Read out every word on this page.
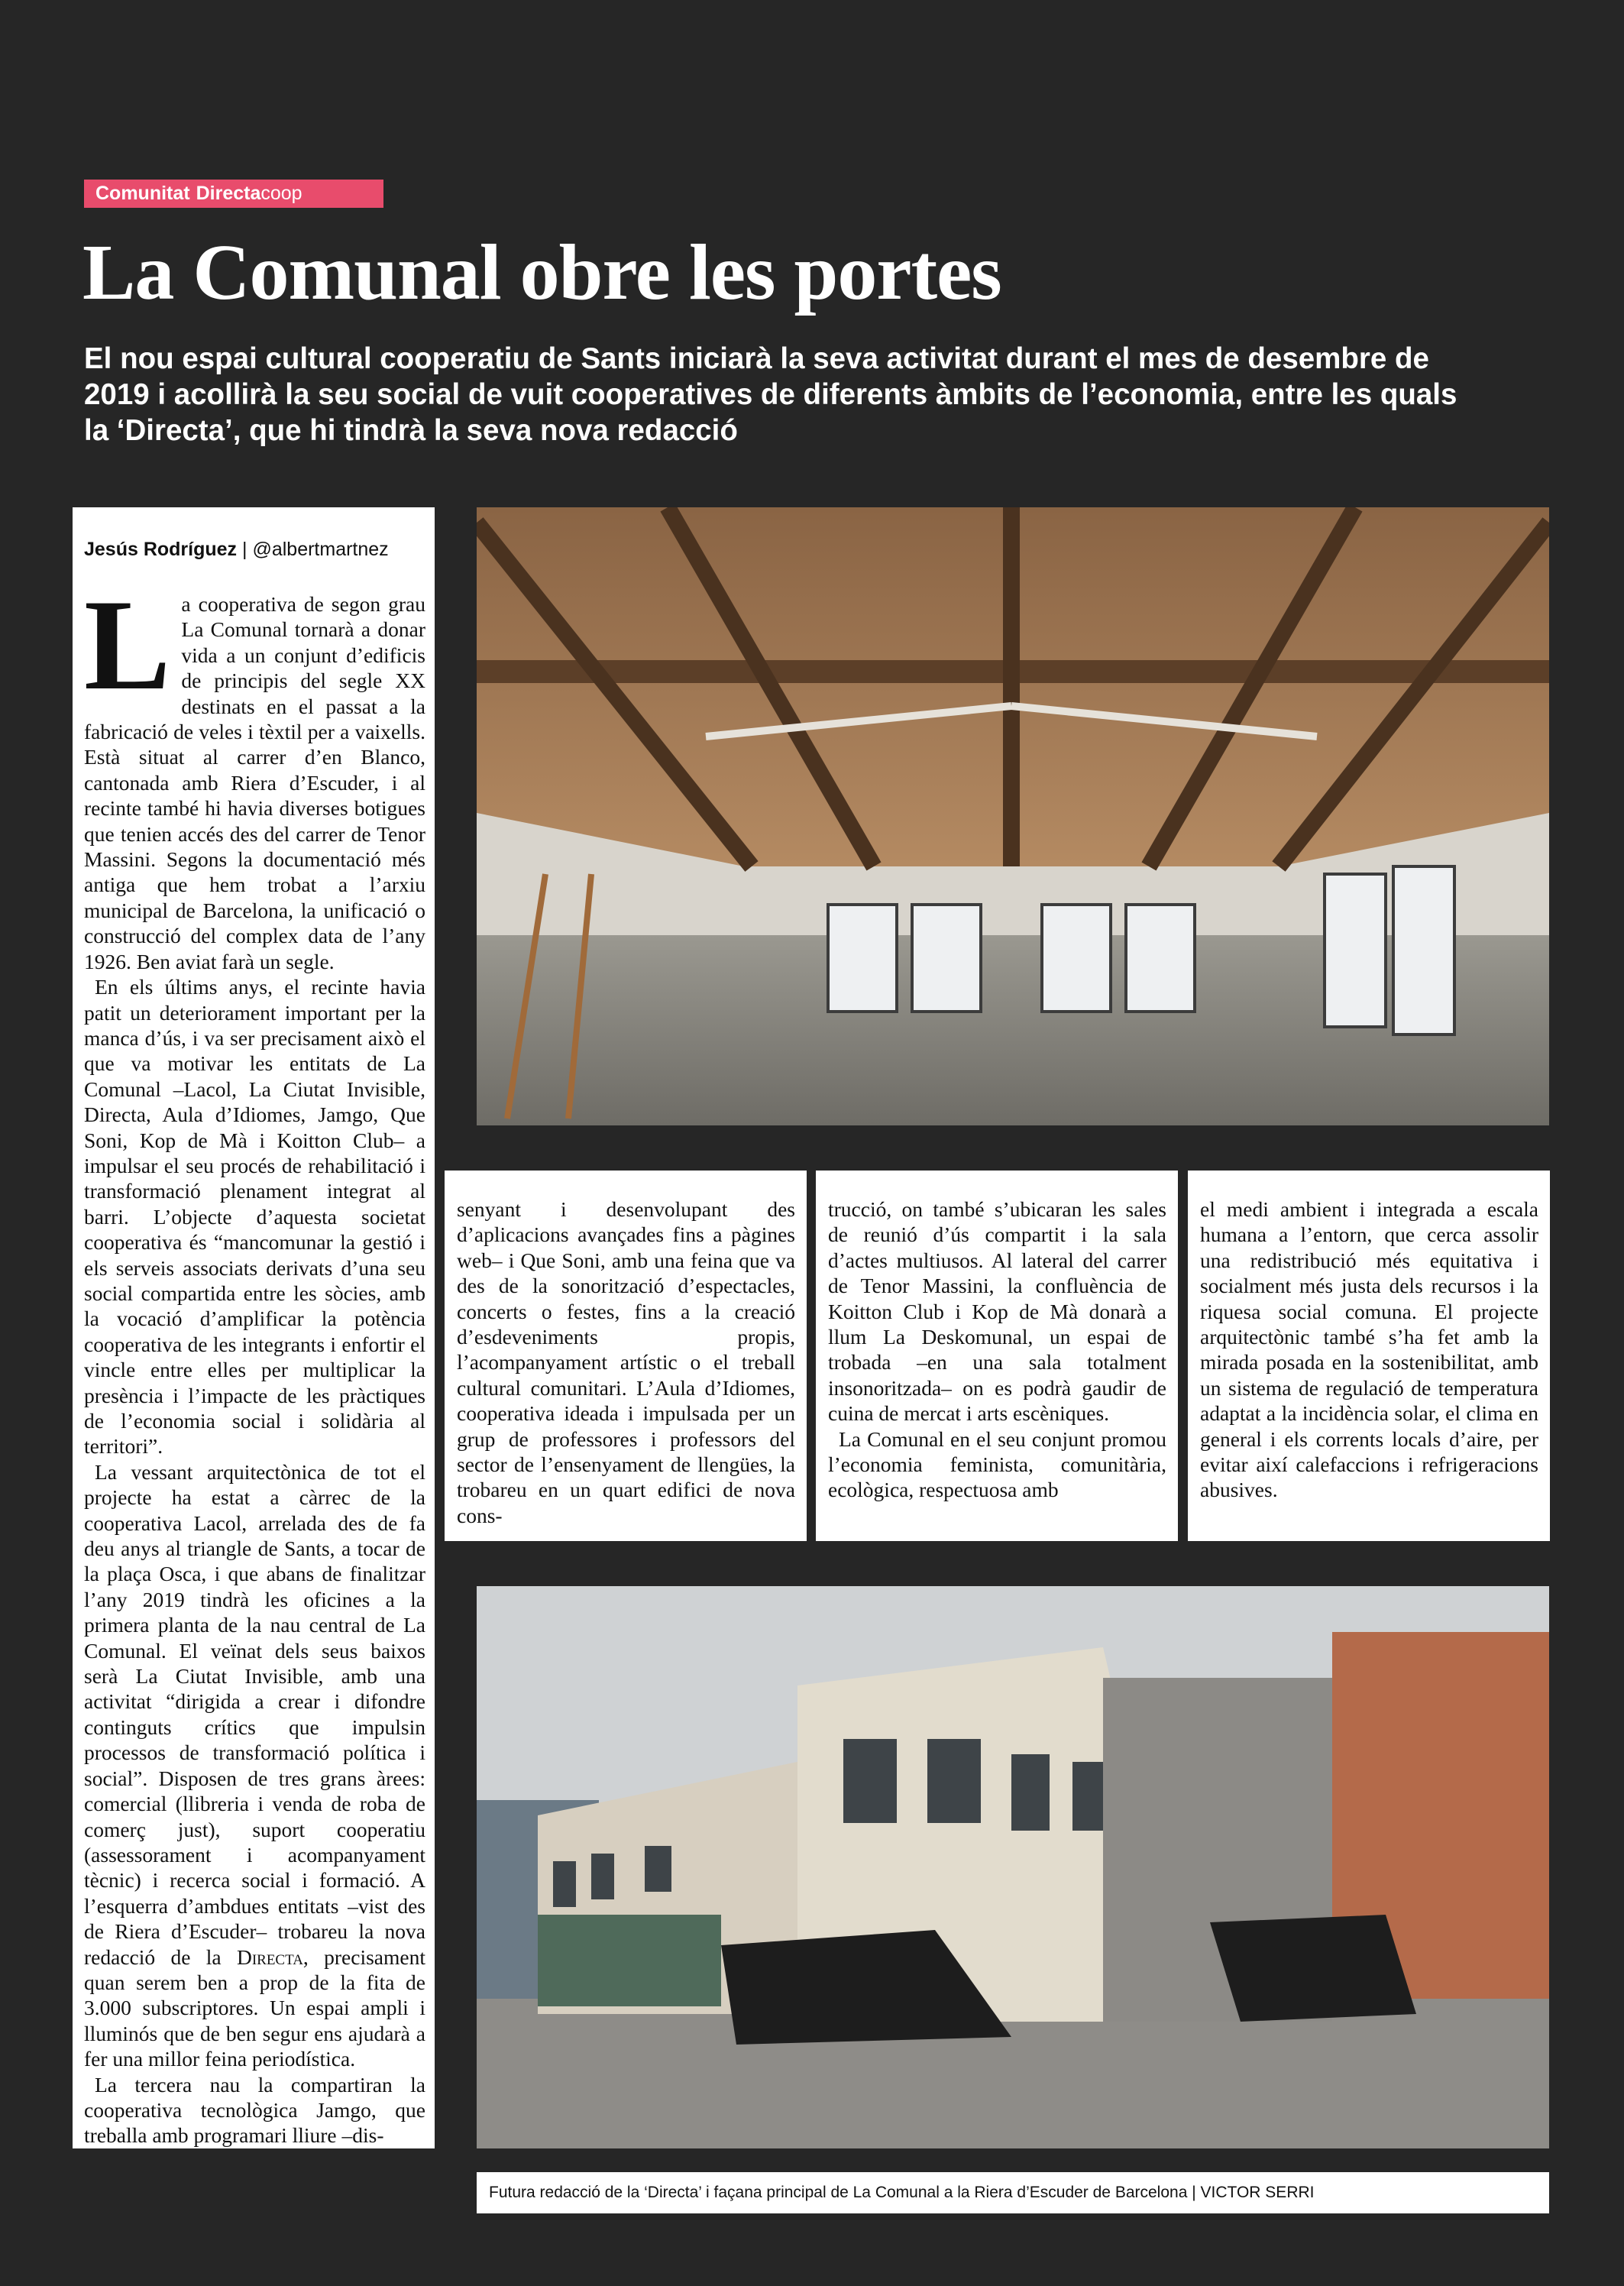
Comunitat Directacoop
La Comunal obre les portes

El nou espai cultural cooperatiu de Sants iniciarà la seva activitat durant el mes de desembre de 2019 i acollirà la seu social de vuit cooperatives de diferents àmbits de l’economia, entre les quals la ‘Directa’, que hi tindrà la seva nova redacció

Jesús Rodríguez | @albertmartnez

La cooperativa de segon grau La Comunal tornarà a donar vida a un conjunt d’edificis de principis del segle XX destinats en el passat a la fabricació de veles i tèxtil per a vaixells. Està situat al carrer d’en Blanco, cantonada amb Riera d’Escuder, i al recinte també hi havia diverses botigues que tenien accés des del carrer de Tenor Massini. Segons la documentació més antiga que hem trobat a l’arxiu municipal de Barcelona, la unificació o construcció del complex data de l’any 1926. Ben aviat farà un segle.

En els últims anys, el recinte havia patit un deteriorament important per la manca d’ús, i va ser precisament això el que va motivar les entitats de La Comunal –Lacol, La Ciutat Invisible, Directa, Aula d’Idiomes, Jamgo, Que Soni, Kop de Mà i Koitton Club– a impulsar el seu procés de rehabilitació i transformació plenament integrat al barri. L’objecte d’aquesta societat cooperativa és “mancomunar la gestió i els serveis associats derivats d’una seu social compartida entre les sòcies, amb la vocació d’amplificar la potència cooperativa de les integrants i enfortir el vincle entre elles per multiplicar la presència i l’impacte de les pràctiques de l’economia social i solidària al territori”.

La vessant arquitectònica de tot el projecte ha estat a càrrec de la cooperativa Lacol, arrelada des de fa deu anys al triangle de Sants, a tocar de la plaça Osca, i que abans de finalitzar l’any 2019 tindrà les oficines a la primera planta de la nau central de La Comunal. El veïnat dels seus baixos serà La Ciutat Invisible, amb una activitat “dirigida a crear i difondre continguts crítics que impulsin processos de transformació política i social”. Disposen de tres grans àrees: comercial (llibreria i venda de roba de comerç just), suport cooperatiu (assessorament i acompanyament tècnic) i recerca social i formació. A l’esquerra d’ambdues entitats –vist des de Riera d’Escuder– trobareu la nova redacció de la Directa, precisament quan serem ben a prop de la fita de 3.000 subscriptores. Un espai ampli i lluminós que de ben segur ens ajudarà a fer una millor feina periodística.

La tercera nau la compartiran la cooperativa tecnològica Jamgo, que treballa amb programari lliure –dis-

senyant i desenvolupant des d’aplicacions avançades fins a pàgines web– i Que Soni, amb una feina que va des de la sonorització d’espectacles, concerts o festes, fins a la creació d’esdeveniments propis, l’acompanyament artístic o el treball cultural comunitari. L’Aula d’Idiomes, cooperativa ideada i impulsada per un grup de professores i professors del sector de l’ensenyament de llengües, la trobareu en un quart edifici de nova cons-

trucció, on també s’ubicaran les sales de reunió d’ús compartit i la sala d’actes multiusos. Al lateral del carrer de Tenor Massini, la confluència de Koitton Club i Kop de Mà donarà a llum La Deskomunal, un espai de trobada –en una sala totalment insonoritzada– on es podrà gaudir de cuina de mercat i arts escèniques.

La Comunal en el seu conjunt promou l’economia feminista, comunitària, ecològica, respectuosa amb

el medi ambient i integrada a escala humana a l’entorn, que cerca assolir una redistribució més equitativa i socialment més justa dels recursos i la riquesa social comuna. El projecte arquitectònic també s’ha fet amb la mirada posada en la sostenibilitat, amb un sistema de regulació de temperatura adaptat a la incidència solar, el clima en general i els corrents locals d’aire, per evitar així calefaccions i refrigeracions abusives.
Futura redacció de la ‘Directa’ i façana principal de La Comunal a la Riera d’Escuder de Barcelona | VICTOR SERRI
